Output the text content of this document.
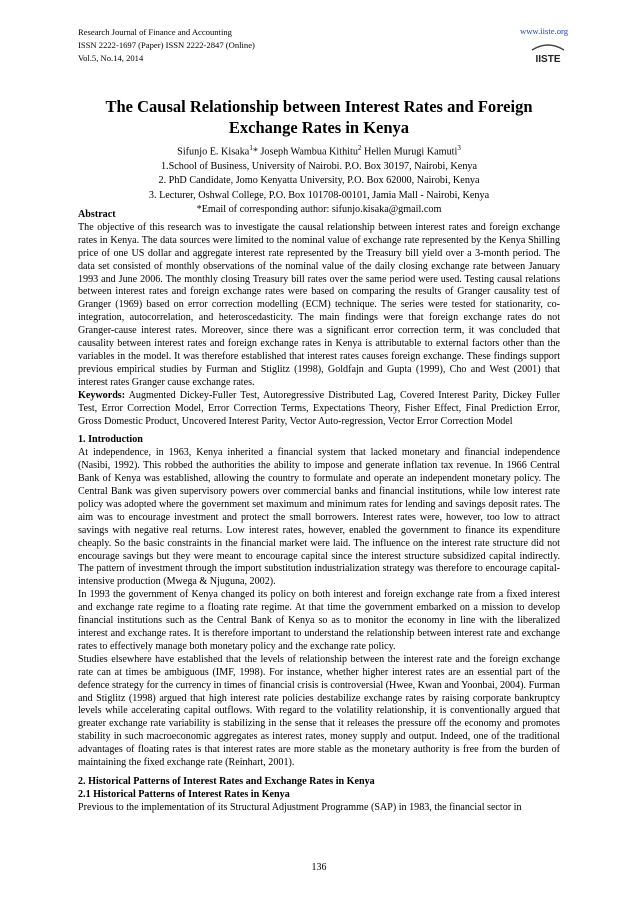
Research Journal of Finance and Accounting
ISSN 2222-1697 (Paper) ISSN 2222-2847 (Online)
Vol.5, No.14, 2014
www.iiste.org
IISTE
The Causal Relationship between Interest Rates and Foreign Exchange Rates in Kenya
Sifunjo E. Kisaka$^1$* Joseph Wambua Kithitu$^2$ Hellen Murugi Kamuti$^3$
1.School of Business, University of Nairobi. P.O. Box 30197, Nairobi, Kenya
2. PhD Candidate, Jomo Kenyatta University, P.O. Box 62000, Nairobi, Kenya
3. Lecturer, Oshwal College, P.O. Box 101708-00101, Jamia Mall - Nairobi, Kenya
*Email of corresponding author: sifunjo.kisaka@gmail.com

Abstract

The objective of this research was to investigate the causal relationship between interest rates and foreign exchange rates in Kenya. The data sources were limited to the nominal value of exchange rate represented by the Kenya Shilling price of one US dollar and aggregate interest rate represented by the Treasury bill yield over a 3-month period. The data set consisted of monthly observations of the nominal value of the daily closing exchange rate between January 1993 and June 2006. The monthly closing Treasury bill rates over the same period were used. Testing causal relations between interest rates and foreign exchange rates were based on comparing the results of Granger causality test of Granger (1969) based on error correction modelling (ECM) technique. The series were tested for stationarity, co-integration, autocorrelation, and heteroscedasticity. The main findings were that foreign exchange rates do not Granger-cause interest rates. Moreover, since there was a significant error correction term, it was concluded that causality between interest rates and foreign exchange rates in Kenya is attributable to external factors other than the variables in the model. It was therefore established that interest rates causes foreign exchange. These findings support previous empirical studies by Furman and Stiglitz (1998), Goldfajn and Gupta (1999), Cho and West (2001) that interest rates Granger cause exchange rates.

Keywords: Augmented Dickey-Fuller Test, Autoregressive Distributed Lag, Covered Interest Parity, Dickey Fuller Test, Error Correction Model, Error Correction Terms, Expectations Theory, Fisher Effect, Final Prediction Error, Gross Domestic Product, Uncovered Interest Parity, Vector Auto-regression, Vector Error Correction Model

1. Introduction

At independence, in 1963, Kenya inherited a financial system that lacked monetary and financial independence (Nasibi, 1992). This robbed the authorities the ability to impose and generate inflation tax revenue. In 1966 Central Bank of Kenya was established, allowing the country to formulate and operate an independent monetary policy. The Central Bank was given supervisory powers over commercial banks and financial institutions, while low interest rate policy was adopted where the government set maximum and minimum rates for lending and savings deposit rates. The aim was to encourage investment and protect the small borrowers. Interest rates were, however, too low to attract savings with negative real returns. Low interest rates, however, enabled the government to finance its expenditure cheaply. So the basic constraints in the financial market were laid. The influence on the interest rate structure did not encourage savings but they were meant to encourage capital since the interest structure subsidized capital indirectly. The pattern of investment through the import substitution industrialization strategy was therefore to encourage capital-intensive production (Mwega & Njuguna, 2002).

In 1993 the government of Kenya changed its policy on both interest and foreign exchange rate from a fixed interest and exchange rate regime to a floating rate regime. At that time the government embarked on a mission to develop financial institutions such as the Central Bank of Kenya so as to monitor the economy in line with the liberalized interest and exchange rates. It is therefore important to understand the relationship between interest rate and exchange rates to effectively manage both monetary policy and the exchange rate policy.

Studies elsewhere have established that the levels of relationship between the interest rate and the foreign exchange rate can at times be ambiguous (IMF, 1998). For instance, whether higher interest rates are an essential part of the defence strategy for the currency in times of financial crisis is controversial (Hwee, Kwan and Yoonbai, 2004). Furman and Stiglitz (1998) argued that high interest rate policies destabilize exchange rates by raising corporate bankruptcy levels while accelerating capital outflows. With regard to the volatility relationship, it is conventionally argued that greater exchange rate variability is stabilizing in the sense that it releases the pressure off the economy and promotes stability in such macroeconomic aggregates as interest rates, money supply and output. Indeed, one of the traditional advantages of floating rates is that interest rates are more stable as the monetary authority is free from the burden of maintaining the fixed exchange rate (Reinhart, 2001).

2. Historical Patterns of Interest Rates and Exchange Rates in Kenya

2.1 Historical Patterns of Interest Rates in Kenya

Previous to the implementation of its Structural Adjustment Programme (SAP) in 1983, the financial sector in

136
